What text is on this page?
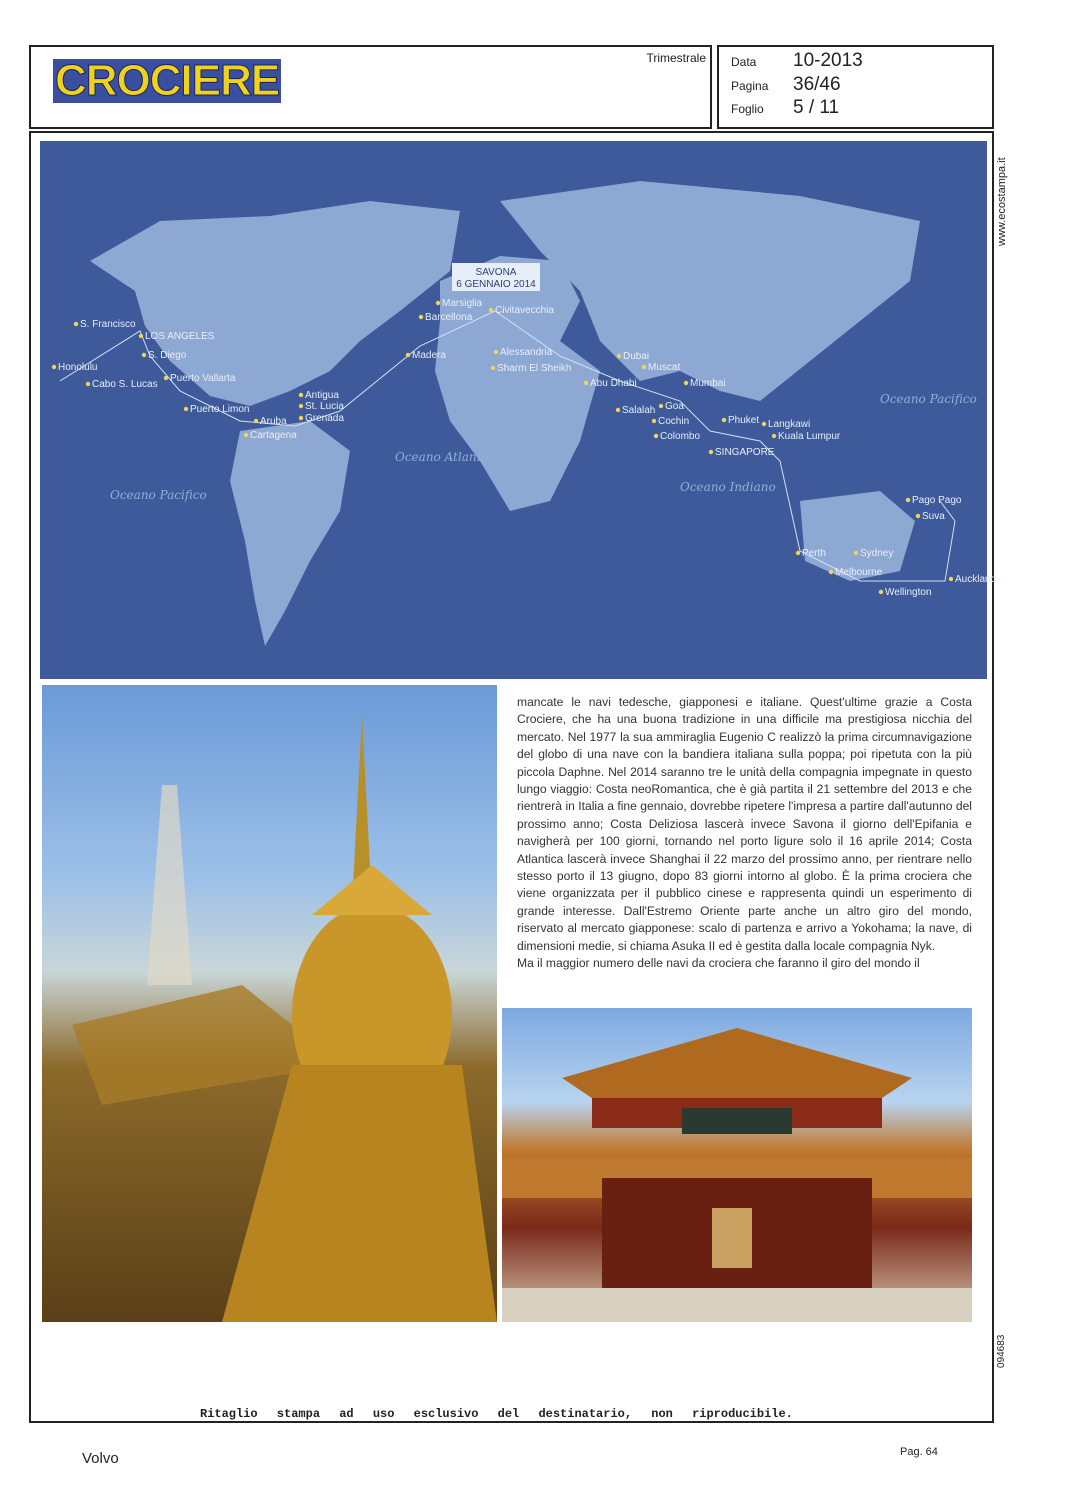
CROCIERE	Trimestrale Data 10-2013
Pagina 36/46
Foglio 5 / 11
www.ecostampa.it
SAVONA
6 GENNAIO 2014
S. Francisco
LOS ANGELES
S. Diego
Honolulu
Cabo S. Lucas
Puerto Vallarta
Antigua
St. Lucia
Grenada
Aruba
Puerto Limon
Cartagena
Madera
Marsiglia
Barcellona
Civitavecchia
Alessandria
Sharm El Sheikh
Dubai
Muscat
Abu Dhabi
Salalah
Mumbai
Goa
Cochin
Colombo
Phuket Langkawi
Kuala Lumpur
SINGAPORE
Pago Pago
Suva
Perth	Sydney
Melbourne
Wellington
Auckland
Oceano Pacifico
Oceano Atlantico
Oceano Indiano
Oceano Pacifico
mancate le navi tedesche, giapponesi e italiane. Quest'ultime grazie a Costa Crociere, che ha una buona tradizione in una difficile ma prestigiosa nicchia del mercato. Nel 1977 la sua ammiraglia Eugenio C realizzò la prima circumnavigazione del globo di una nave con la bandiera italiana sulla poppa; poi ripetuta con la più piccola Daphne. Nel 2014 saranno tre le unità della compagnia impegnate in questo lungo viaggio: Costa neoRomantica, che è già partita il 21 settembre del 2013 e che rientrerà in Italia a fine gennaio, dovrebbe ripetere l'impresa a partire dall'autunno del prossimo anno; Costa Deliziosa lascerà invece Savona il giorno dell'Epifania e navigherà per 100 giorni, tornando nel porto ligure solo il 16 aprile 2014; Costa Atlantica lascerà invece Shanghai il 22 marzo del prossimo anno, per rientrare nello stesso porto il 13 giugno, dopo 83 giorni intorno al globo. È la prima crociera che viene organizzata per il pubblico cinese e rappresenta quindi un esperimento di grande interesse. Dall'Estremo Oriente parte anche un altro giro del mondo, riservato al mercato giapponese: scalo di partenza e arrivo a Yokohama; la nave, di dimensioni medie, si chiama Asuka II ed è gestita dalla locale compagnia Nyk.
Ma il maggior numero delle navi da crociera che faranno il giro del mondo il
094683
Ritaglio stampa ad uso esclusivo del destinatario, non riproducibile.
Volvo	Pag. 64
